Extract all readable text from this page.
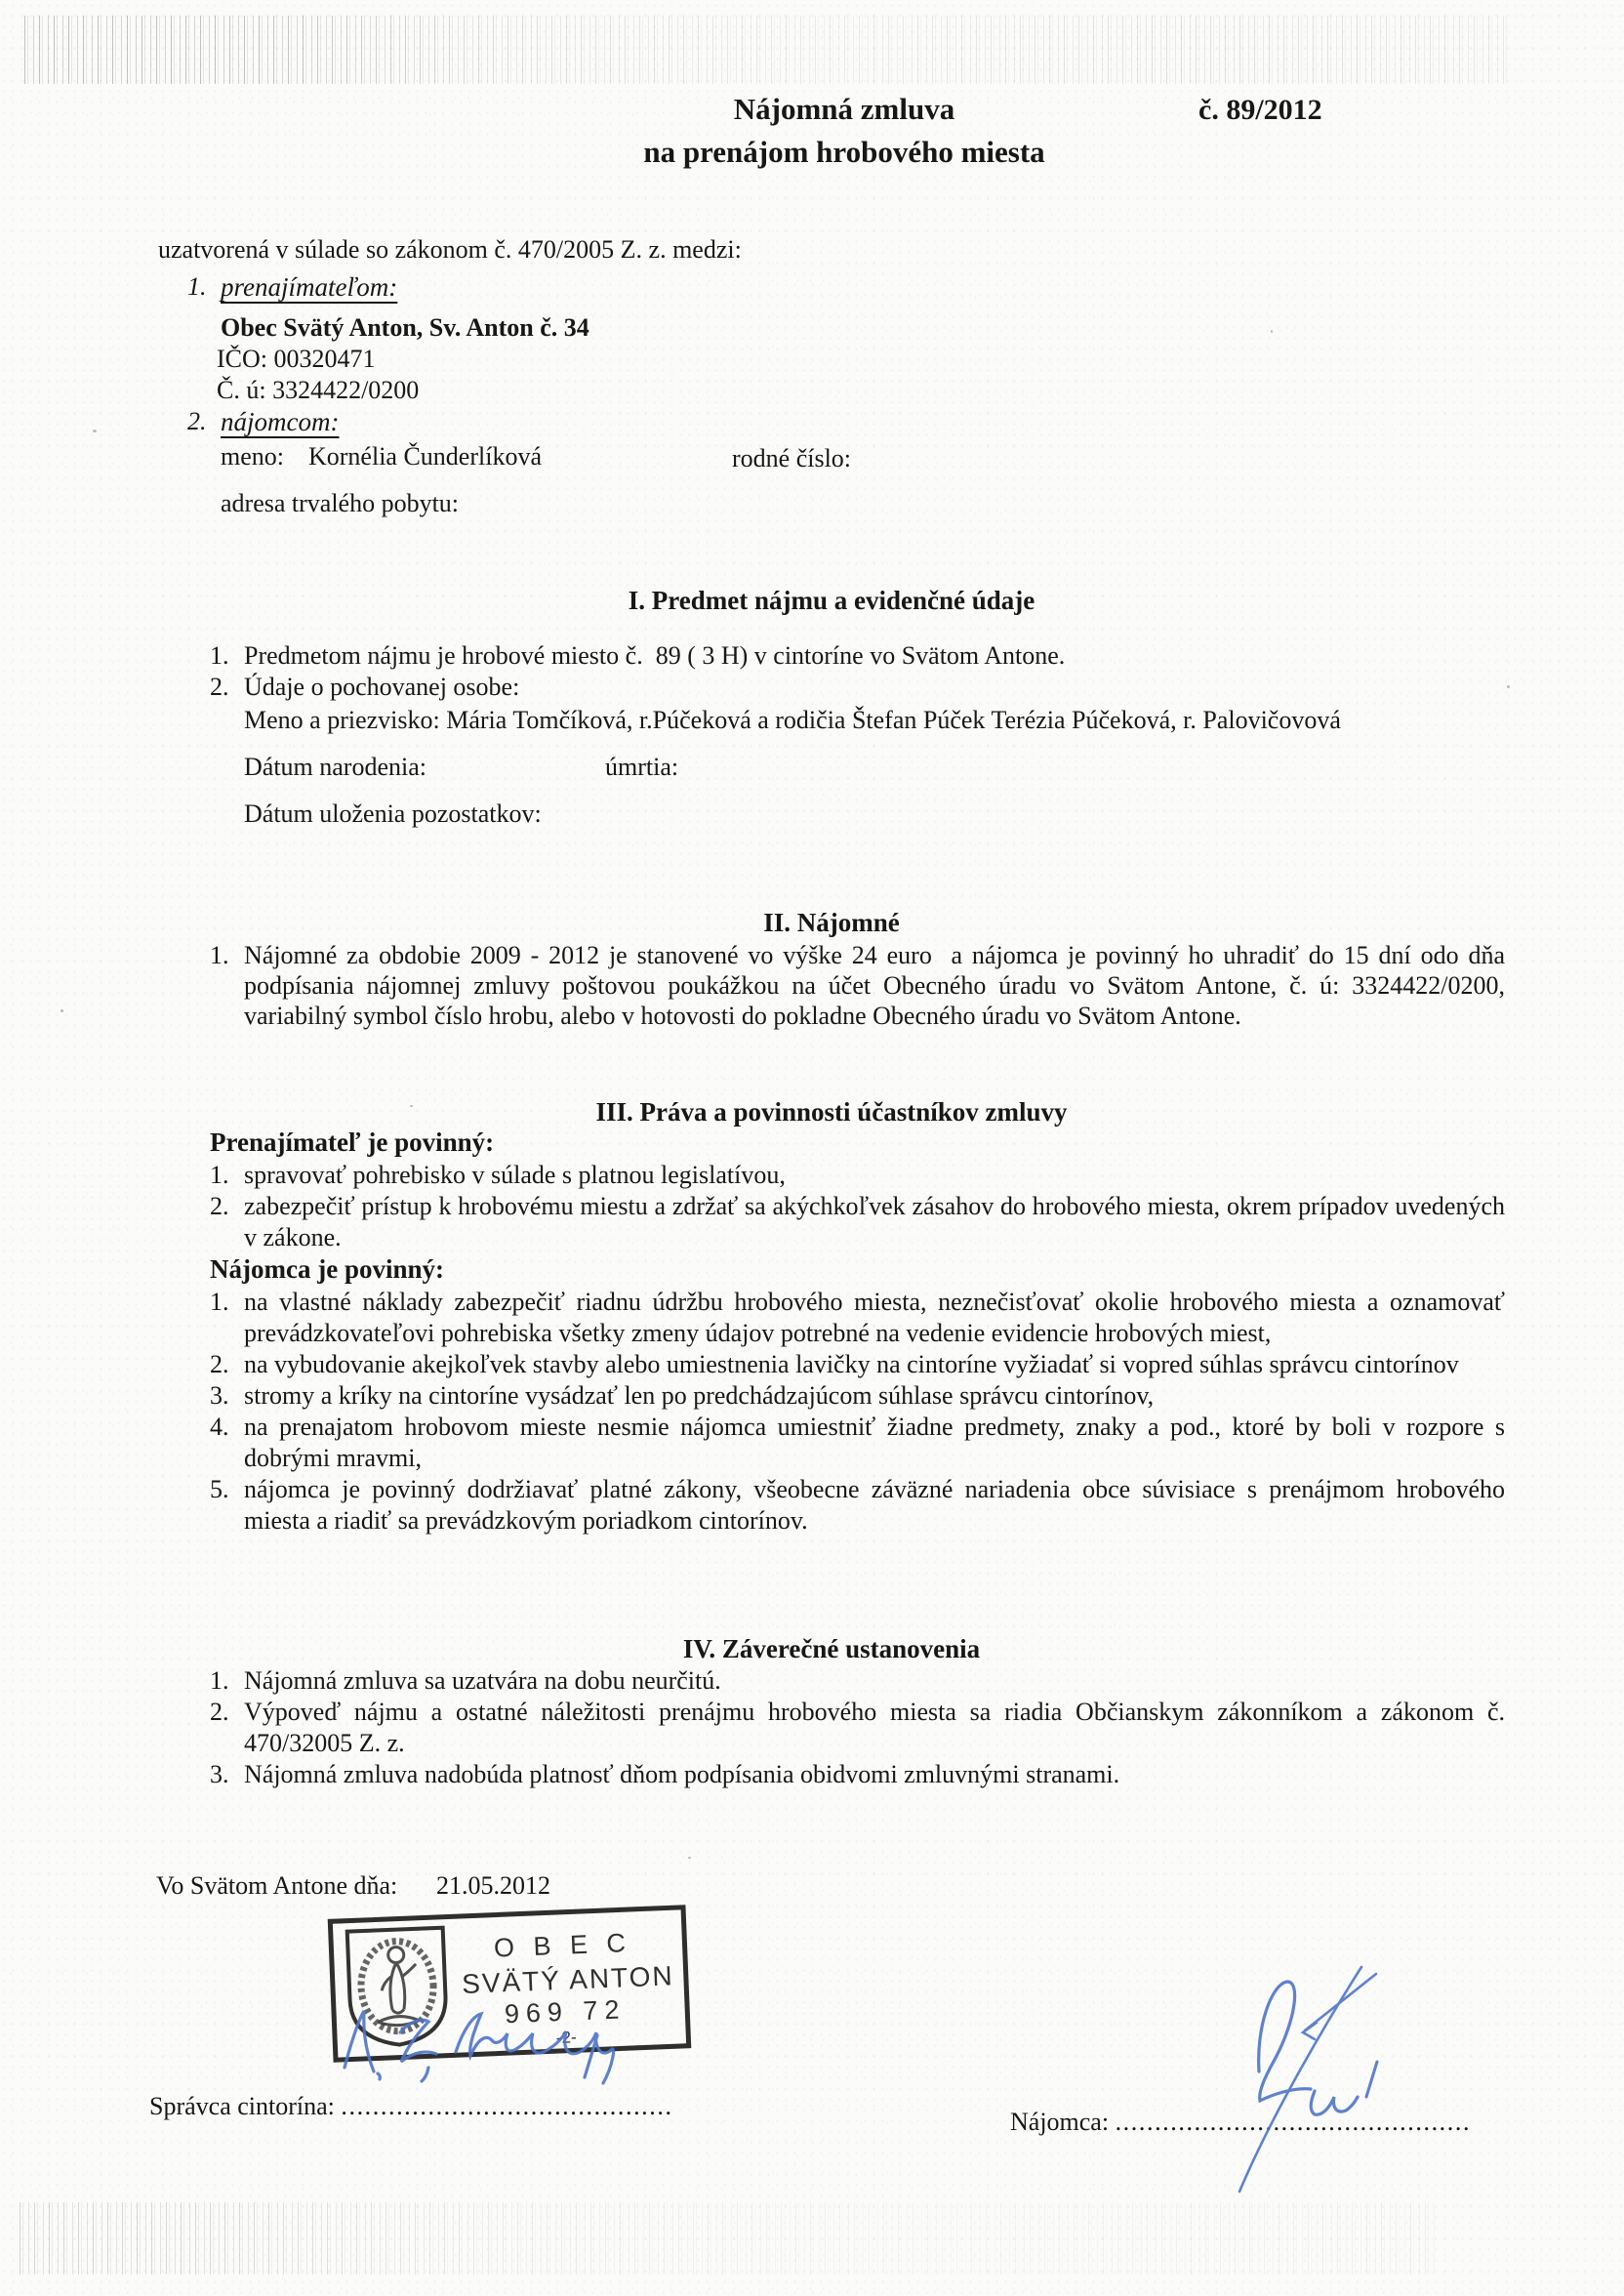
Nájomná zmluva
na prenájom hrobového miesta
č. 89/2012
uzatvorená v súlade so zákonom č. 470/2005 Z. z. medzi:
1. prenajímateľom:
Obec Svätý Anton, Sv. Anton č. 34
IČO: 00320471
Č. ú: 3324422/0200
2. nájomcom:
meno: Kornélia Čunderlíková	rodné číslo:
adresa trvalého pobytu:
I. Predmet nájmu a evidenčné údaje
1. Predmetom nájmu je hrobové miesto č.  89 ( 3 H) v cintoríne vo Svätom Antone.
2. Údaje o pochovanej osobe:
Meno a priezvisko: Mária Tomčíková, r.Púčeková a rodičia Štefan Púček Terézia Púčeková, r. Palovičovová
Dátum narodenia:	úmrtia:
Dátum uloženia pozostatkov:
II. Nájomné
1. Nájomné za obdobie 2009 - 2012 je stanovené vo výške 24 euro  a nájomca je povinný ho uhradiť do 15 dní odo dňa podpísania nájomnej zmluvy poštovou poukážkou na účet Obecného úradu vo Svätom Antone, č. ú: 3324422/0200, variabilný symbol číslo hrobu, alebo v hotovosti do pokladne Obecného úradu vo Svätom Antone.
III. Práva a povinnosti účastníkov zmluvy
Prenajímateľ je povinný:
1. spravovať pohrebisko v súlade s platnou legislatívou,
2. zabezpečiť prístup k hrobovému miestu a zdržať sa akýchkoľvek zásahov do hrobového miesta, okrem prípadov uvedených v zákone.
Nájomca je povinný:
1. na vlastné náklady zabezpečiť riadnu údržbu hrobového miesta, neznečisťovať okolie hrobového miesta a oznamovať prevádzkovateľovi pohrebiska všetky zmeny údajov potrebné na vedenie evidencie hrobových miest,
2. na vybudovanie akejkoľvek stavby alebo umiestnenia lavičky na cintoríne vyžiadať si vopred súhlas správcu cintorínov
3. stromy a kríky na cintoríne vysádzať len po predchádzajúcom súhlase správcu cintorínov,
4. na prenajatom hrobovom mieste nesmie nájomca umiestniť žiadne predmety, znaky a pod., ktoré by boli v rozpore s dobrými mravmi,
5. nájomca je povinný dodržiavať platné zákony, všeobecne záväzné nariadenia obce súvisiace s prenájmom hrobového miesta a riadiť sa prevádzkovým poriadkom cintorínov.
IV. Záverečné ustanovenia
1. Nájomná zmluva sa uzatvára na dobu neurčitú.
2. Výpoveď nájmu a ostatné náležitosti prenájmu hrobového miesta sa riadia Občianskym zákonníkom a zákonom č. 470/32005 Z. z.
3. Nájomná zmluva nadobúda platnosť dňom podpísania obidvomi zmluvnými stranami.
Vo Svätom Antone dňa: 21.05.2012
O B E C
SVÄTÝ ANTON
969 72
-2-
Správca cintorína: ..........................................
Nájomca: .............................................
